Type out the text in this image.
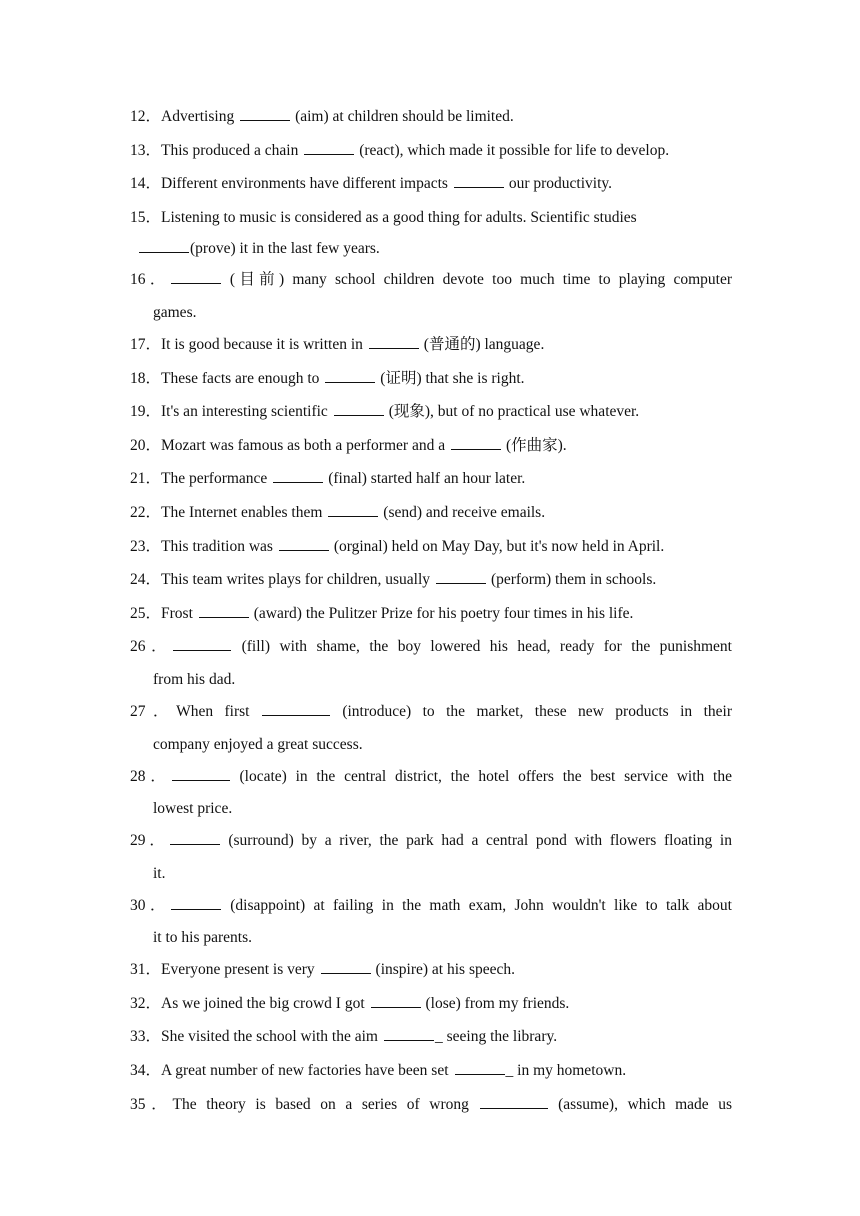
12．Advertising	(aim) at children should be limited.
13．This produced a chain	(react), which made it possible for life to develop.
14．Different environments have different impacts	our productivity.
15．Listening to music is considered as a good thing for adults. Scientific studies
(prove) it in the last few years.
16．	(目前) many school children devote too much time to playing computer
games.
17．It is good because it is written in	(普通的) language.
18．These facts are enough to	(证明) that she is right.
19．It's an interesting scientific	(现象), but of no practical use whatever.
20．Mozart was famous as both a performer and a	(作曲家).
21．The performance	(final) started half an hour later.
22．The Internet enables them	(send) and receive emails.
23．This tradition was	(orginal) held on May Day, but it's now held in April.
24．This team writes plays for children, usually	(perform) them in schools.
25．Frost	(award) the Pulitzer Prize for his poetry four times in his life.
26．	(fill) with shame, the boy lowered his head, ready for the punishment
from his dad.
27．When first	(introduce) to the market, these new products in their
company enjoyed a great success.
28．	(locate) in the central district, the hotel offers the best service with the
lowest price.
29．	(surround) by a river, the park had a central pond with flowers floating in
it.
30．	(disappoint) at failing in the math exam, John wouldn't like to talk about
it to his parents.
31．Everyone present is very	(inspire) at his speech.
32．As we joined the big crowd I got	(lose) from my friends.
33．She visited the school with the aim	_ seeing the library.
34．A great number of new factories have been set	_ in my hometown.
35．The theory is based on a series of wrong	(assume), which made us
